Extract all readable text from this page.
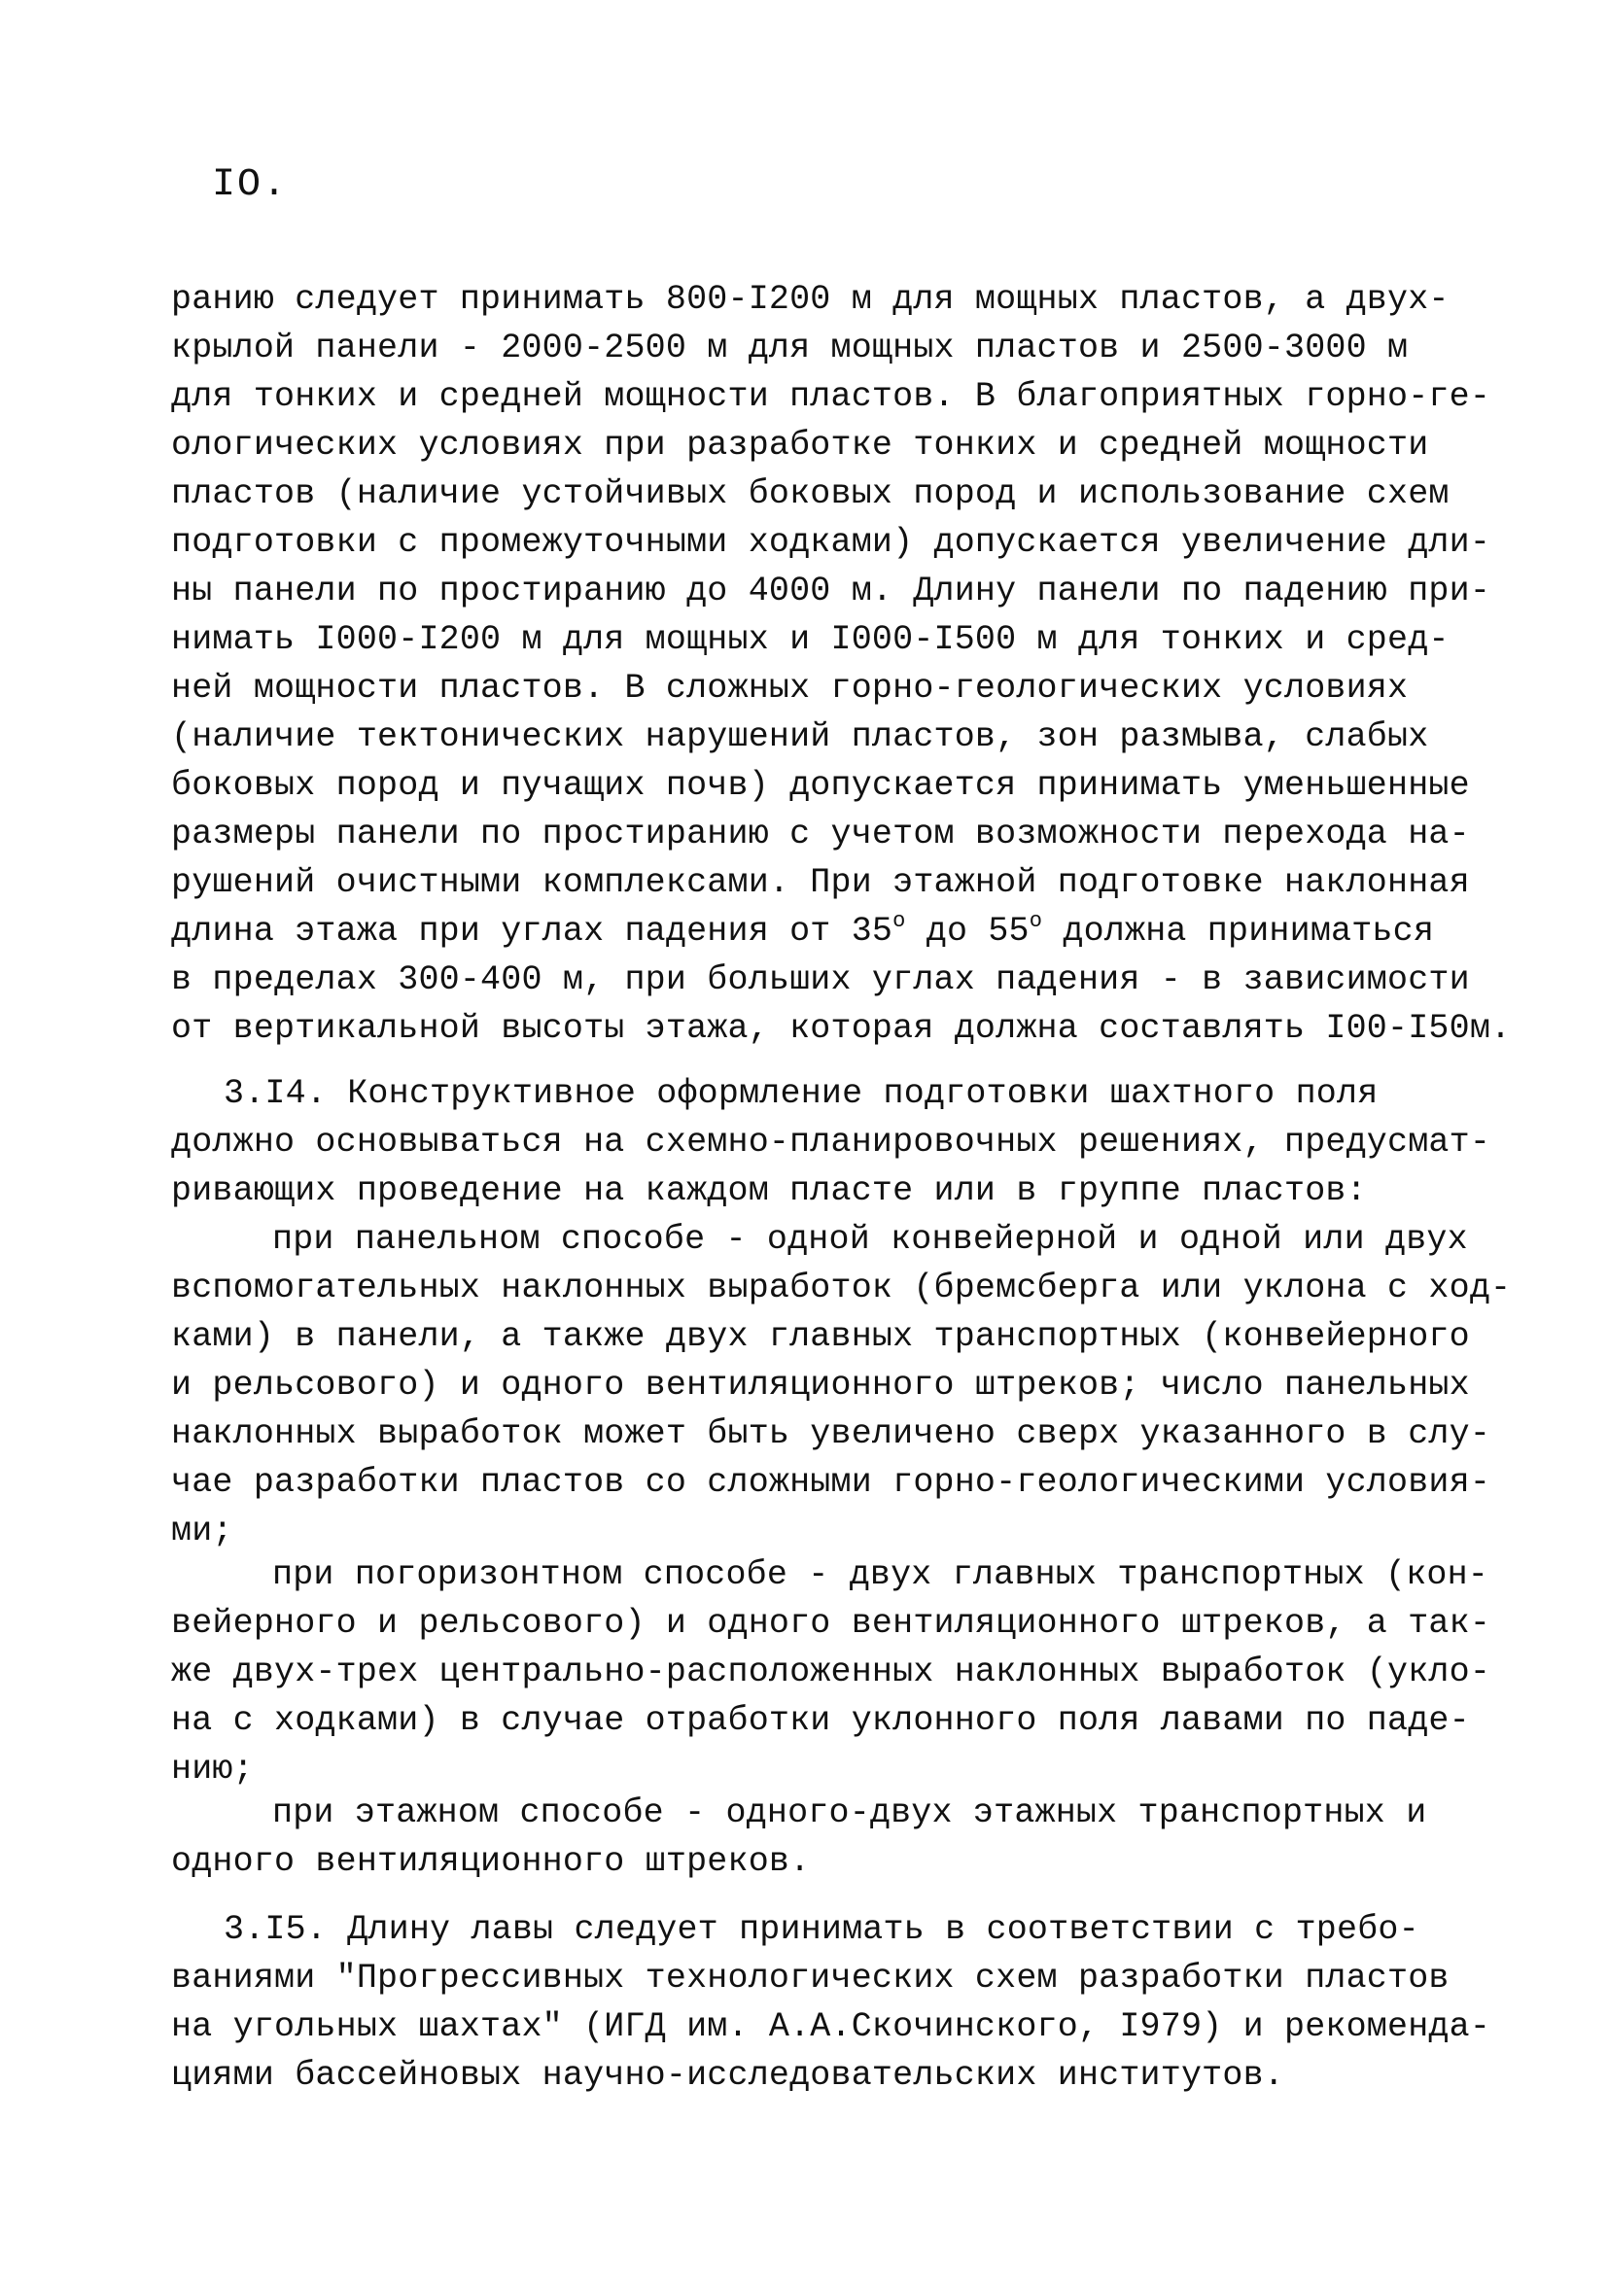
IO.
ранию следует принимать 800-I200 м для мощных пластов, а двух-
крылой панели - 2000-2500 м для мощных пластов и 2500-3000 м
для тонких и средней мощности пластов. В благоприятных горно-ге-
ологических условиях при разработке тонких и средней мощности
пластов (наличие устойчивых боковых пород и использование схем
подготовки с промежуточными ходками) допускается увеличение дли-
ны панели по простиранию до 4000 м. Длину панели по падению при-
нимать I000-I200 м для мощных и I000-I500 м для тонких и сред-
ней мощности пластов. В сложных горно-геологических условиях
(наличие тектонических нарушений пластов, зон размыва, слабых
боковых пород и пучащих почв) допускается принимать уменьшенные
размеры панели по простиранию с учетом возможности перехода на-
рушений очистными комплексами. При этажной подготовке наклонная
длина этажа при углах падения от $35^о$ до $55^о$ должна приниматься
в пределах 300-400 м, при больших углах падения - в зависимости
от вертикальной высоты этажа, которая должна составлять I00-I50м.
3.I4. Конструктивное оформление подготовки шахтного поля
должно основываться на схемно-планировочных решениях, предусмат-
ривающих проведение на каждом пласте или в группе пластов:
при панельном способе - одной конвейерной и одной или двух
вспомогательных наклонных выработок (бремсберга или уклона с ход-
ками) в панели, а также двух главных транспортных (конвейерного
и рельсового) и одного вентиляционного штреков; число панельных
наклонных выработок может быть увеличено сверх указанного в слу-
чае разработки пластов со сложными горно-геологическими условия-
ми;
при погоризонтном способе - двух главных транспортных (кон-
вейерного и рельсового) и одного вентиляционного штреков, а так-
же двух-трех центрально-расположенных наклонных выработок (укло-
на с ходками) в случае отработки уклонного поля лавами по паде-
нию;
при этажном способе - одного-двух этажных транспортных и
одного вентиляционного штреков.
3.I5. Длину лавы следует принимать в соответствии с требо-
ваниями "Прогрессивных технологических схем разработки пластов
на угольных шахтах" (ИГД им. А.А.Скочинского, I979) и рекоменда-
циями бассейновых научно-исследовательских институтов.
